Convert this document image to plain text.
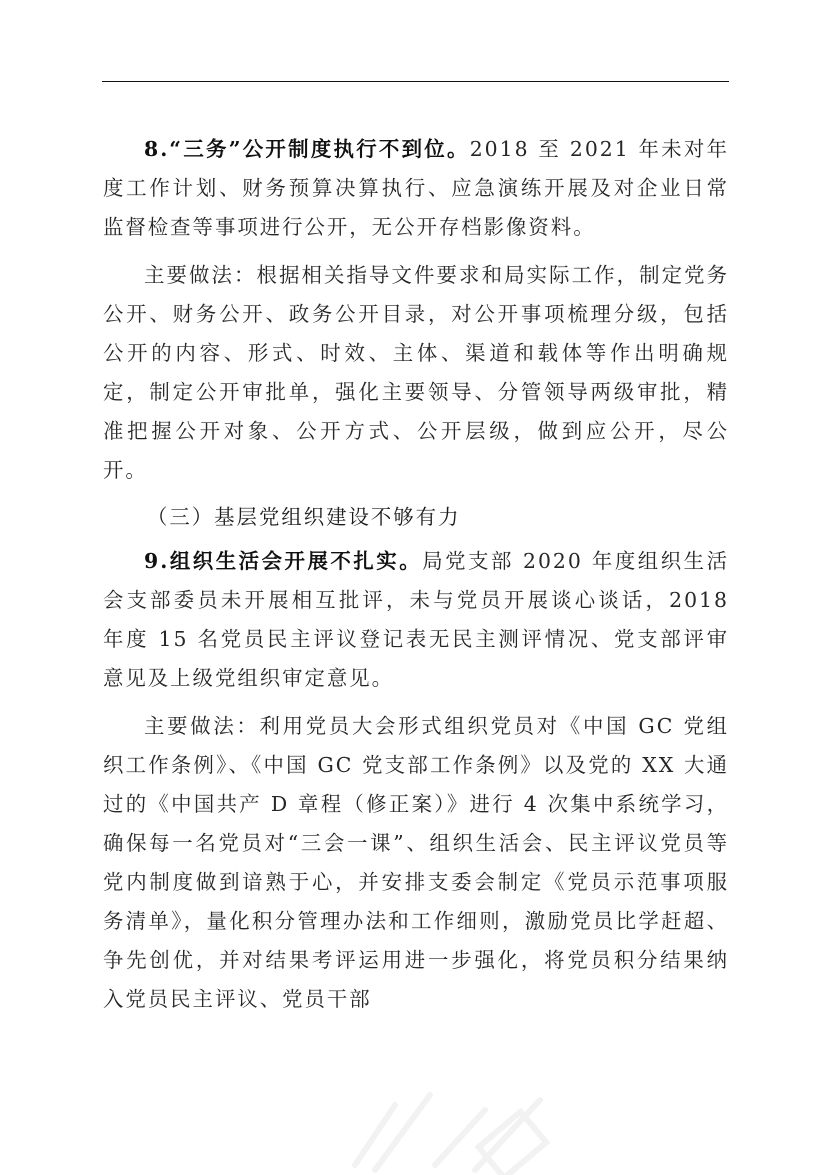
8.“三务”公开制度执行不到位。2018 至 2021 年未对年度工作计划、财务预算决算执行、应急演练开展及对企业日常监督检查等事项进行公开，无公开存档影像资料。

主要做法：根据相关指导文件要求和局实际工作，制定党务公开、财务公开、政务公开目录，对公开事项梳理分级，包括公开的内容、形式、时效、主体、渠道和载体等作出明确规定，制定公开审批单，强化主要领导、分管领导两级审批，精准把握公开对象、公开方式、公开层级，做到应公开，尽公开。

（三）基层党组织建设不够有力

9.组织生活会开展不扎实。局党支部 2020 年度组织生活会支部委员未开展相互批评，未与党员开展谈心谈话，2018 年度 15 名党员民主评议登记表无民主测评情况、党支部评审意见及上级党组织审定意见。

主要做法：利用党员大会形式组织党员对《中国 GC 党组织工作条例》、《中国 GC 党支部工作条例》以及党的 XX 大通过的《中国共产 D 章程（修正案）》进行 4 次集中系统学习，确保每一名党员对“三会一课”、组织生活会、民主评议党员等党内制度做到谙熟于心，并安排支委会制定《党员示范事项服务清单》，量化积分管理办法和工作细则，激励党员比学赶超、争先创优，并对结果考评运用进一步强化，将党员积分结果纳入党员民主评议、党员干部
